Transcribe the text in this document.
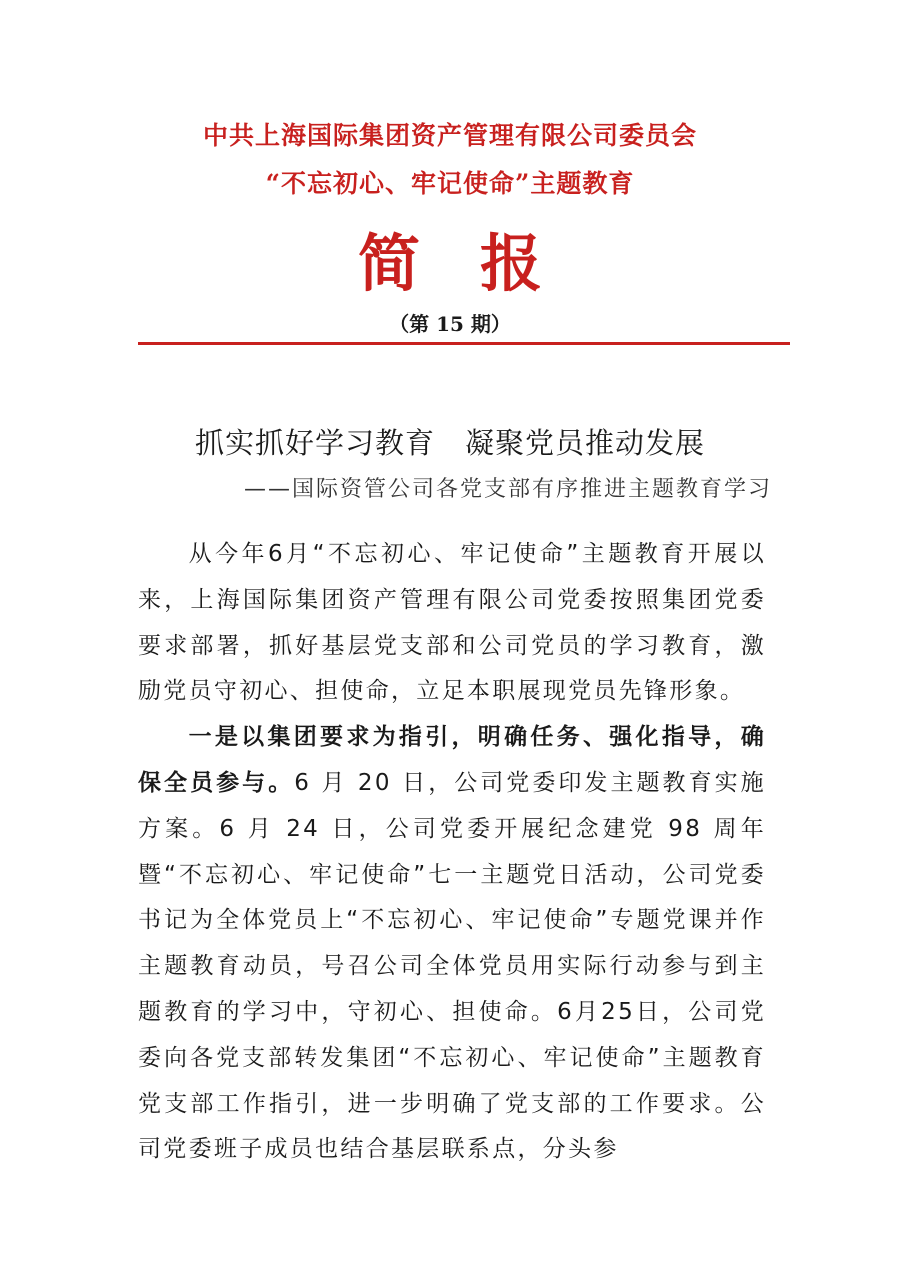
中共上海国际集团资产管理有限公司委员会
“不忘初心、牢记使命”主题教育
简报
（第 15 期）
抓实抓好学习教育　凝聚党员推动发展
——国际资管公司各党支部有序推进主题教育学习

从今年6月“不忘初心、牢记使命”主题教育开展以来，上海国际集团资产管理有限公司党委按照集团党委要求部署，抓好基层党支部和公司党员的学习教育，激励党员守初心、担使命，立足本职展现党员先锋形象。

一是以集团要求为指引，明确任务、强化指导，确保全员参与。6 月 20 日，公司党委印发主题教育实施方案。6 月 24 日，公司党委开展纪念建党 98 周年暨“不忘初心、牢记使命”七一主题党日活动，公司党委书记为全体党员上“不忘初心、牢记使命”专题党课并作主题教育动员，号召公司全体党员用实际行动参与到主题教育的学习中，守初心、担使命。6月25日，公司党委向各党支部转发集团“不忘初心、牢记使命”主题教育党支部工作指引，进一步明确了党支部的工作要求。公司党委班子成员也结合基层联系点，分头参
